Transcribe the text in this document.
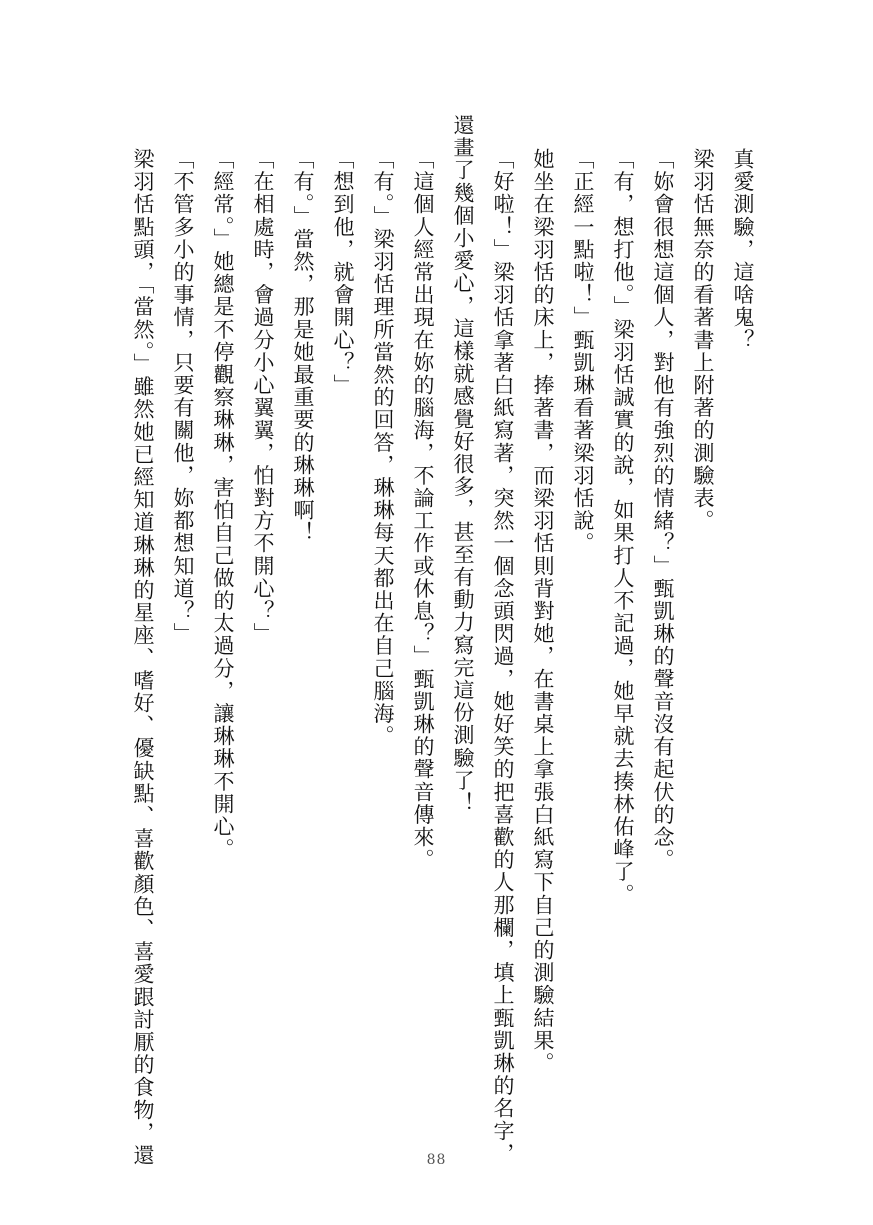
真愛測驗，這啥鬼？
梁羽恬無奈的看著書上附著的測驗表。
「妳會很想這個人，對他有強烈的情緒？」甄凱琳的聲音沒有起伏的念。
「有，想打他。」梁羽恬誠實的說，如果打人不記過，她早就去揍林佑峰了。
「正經一點啦！」甄凱琳看著梁羽恬說。
她坐在梁羽恬的床上，捧著書，而梁羽恬則背對她，在書桌上拿張白紙寫下自己的測驗結果。
「好啦！」梁羽恬拿著白紙寫著，突然一個念頭閃過，她好笑的把喜歡的人那欄，填上甄凱琳的名字，
還畫了幾個小愛心，這樣就感覺好很多，甚至有動力寫完這份測驗了！
「這個人經常出現在妳的腦海，不論工作或休息？」甄凱琳的聲音傳來。
「有。」梁羽恬理所當然的回答，琳琳每天都出在自己腦海。
「想到他，就會開心？」
「有。」當然，那是她最重要的琳琳啊！
「在相處時，會過分小心翼翼，怕對方不開心？」
「經常。」她總是不停觀察琳琳，害怕自己做的太過分，讓琳琳不開心。
「不管多小的事情，只要有關他，妳都想知道？」
梁羽恬點頭，「當然。」雖然她已經知道琳琳的星座、嗜好、優缺點、喜歡顏色、喜愛跟討厭的食物，還	88
